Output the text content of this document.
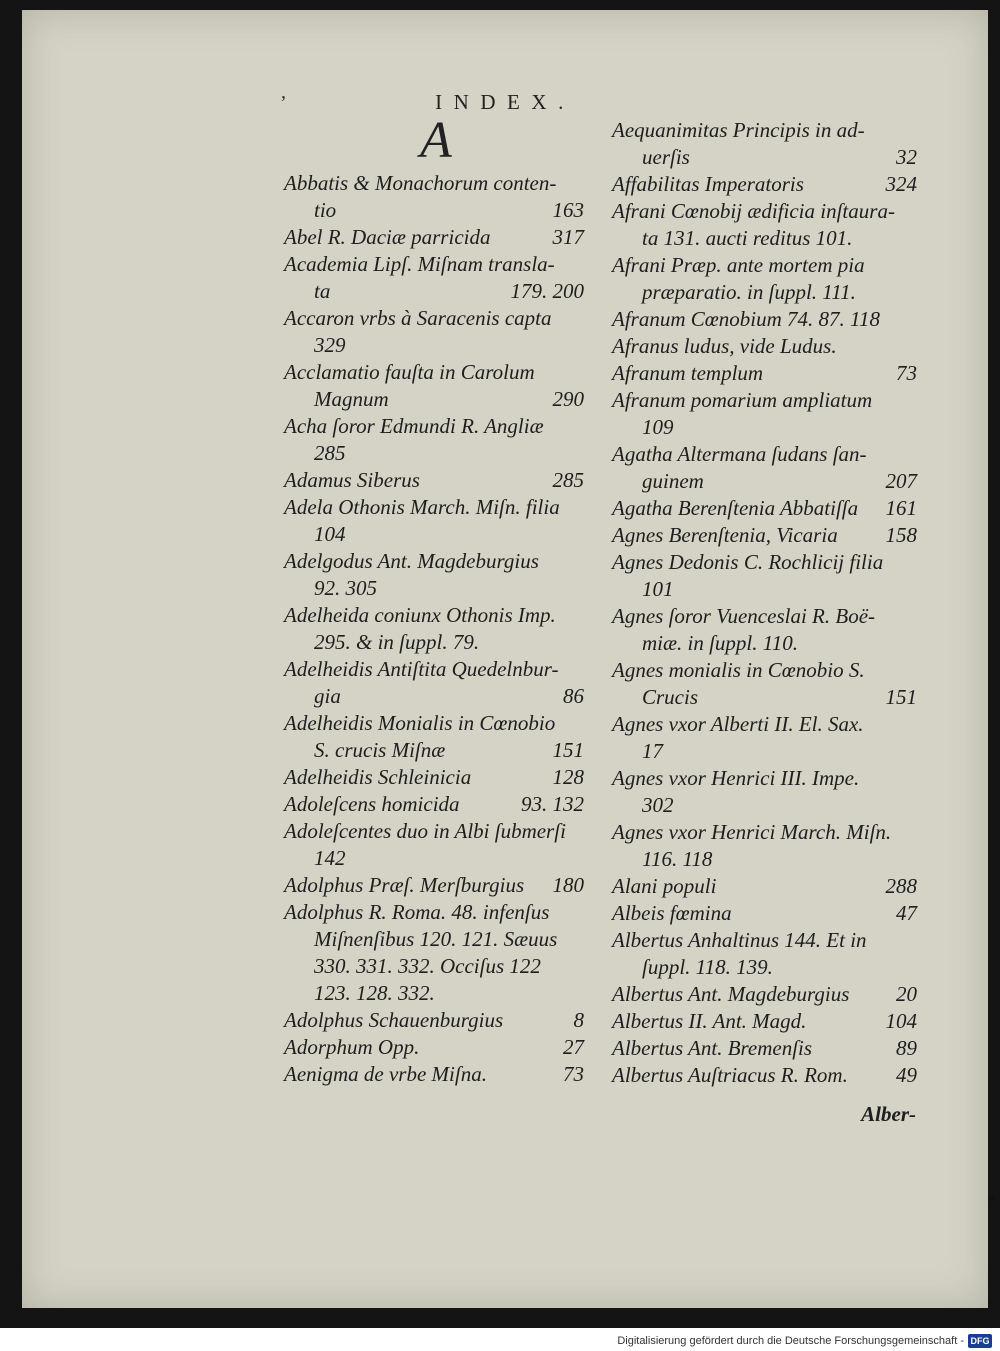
’	INDEX.
A
Abbatis & Monachorum conten-
tio	163
Abel R. Daciæ parricida	317
Academia Lipſ. Miſnam transla-
ta	179. 200
Accaron vrbs à Saracenis capta
329
Acclamatio fauſta in Carolum
Magnum	290
Acha ſoror Edmundi R. Angliæ
285
Adamus Siberus	285
Adela Othonis March. Miſn. filia
104
Adelgodus Ant. Magdeburgius
92. 305
Adelheida coniunx Othonis Imp.
295. & in ſuppl. 79.
Adelheidis Antiſtita Quedelnbur-
gia	86
Adelheidis Monialis in Cœnobio
S. crucis Miſnæ	151
Adelheidis Schleinicia	128
Adoleſcens homicida	93. 132
Adoleſcentes duo in Albi ſubmerſi
142
Adolphus Præſ. Merſburgius 180
Adolphus R. Roma. 48. infenſus
Miſnenſibus 120. 121. Sæuus
330. 331. 332. Occiſus 122
123. 128. 332.
Adolphus Schauenburgius	8
Adorphum Opp.	27
Aenigma de vrbe Miſna.	73
Aequanimitas Principis in ad-
uerſis	32
Affabilitas Imperatoris	324
Afrani Cœnobij ædificia inſtaura-
ta 131. aucti reditus 101.
Afrani Præp. ante mortem pia
præparatio. in ſuppl. 111.
Afranum Cœnobium 74. 87. 118
Afranus ludus, vide Ludus.
Afranum templum	73
Afranum pomarium ampliatum
109
Agatha Altermana ſudans ſan-
guinem	207
Agatha Berenſtenia Abbatiſſa 161
Agnes Berenſtenia, Vicaria 158
Agnes Dedonis C. Rochlicij filia
101
Agnes ſoror Vuenceslai R. Boë-
miæ. in ſuppl. 110.
Agnes monialis in Cœnobio S.
Crucis	151
Agnes vxor Alberti II. El. Sax.
17
Agnes vxor Henrici III. Impe.
302
Agnes vxor Henrici March. Miſn.
116. 118
Alani populi	288
Albeis fœmina	47
Albertus Anhaltinus 144. Et in
ſuppl. 118. 139.
Albertus Ant. Magdeburgius 20
Albertus II. Ant. Magd.	104
Albertus Ant. Bremenſis	89
Albertus Auſtriacus R. Rom. 49
Alber-
Digitalisierung gefördert durch die Deutsche Forschungsgemeinschaft - DFG
